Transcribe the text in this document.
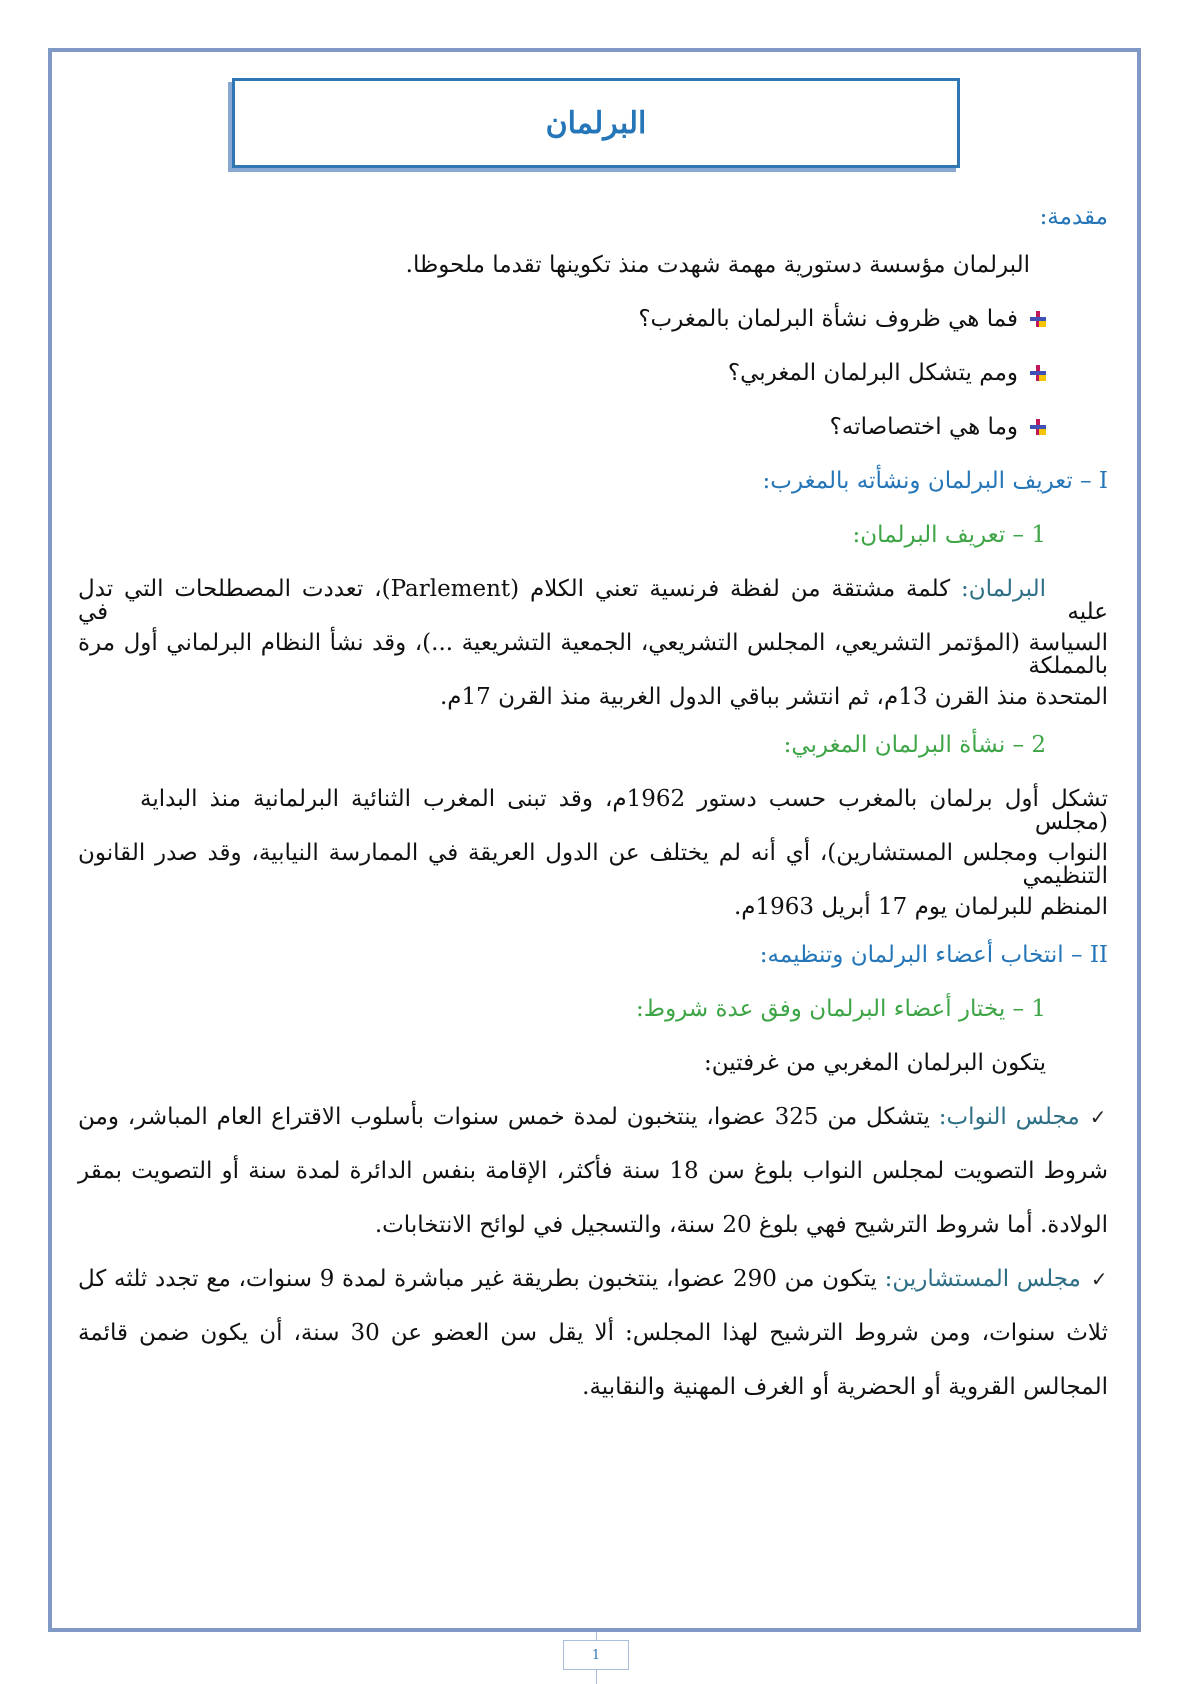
البرلمان
مقدمة:
البرلمان مؤسسة دستورية مهمة شهدت منذ تكوينها تقدما ملحوظا.
فما هي ظروف نشأة البرلمان بالمغرب؟
ومم يتشكل البرلمان المغربي؟
وما هي اختصاصاته؟
I – تعريف البرلمان ونشأته بالمغرب:
1 – تعريف البرلمان:
البرلمان: كلمة مشتقة من لفظة فرنسية تعني الكلام (Parlement)، تعددت المصطلحات التي تدل عليه في
السياسة (المؤتمر التشريعي، المجلس التشريعي، الجمعية التشريعية ...)، وقد نشأ النظام البرلماني أول مرة بالمملكة
المتحدة منذ القرن 13م، ثم انتشر بباقي الدول الغربية منذ القرن 17م.
2 – نشأة البرلمان المغربي:
تشكل أول برلمان بالمغرب حسب دستور 1962م، وقد تبنى المغرب الثنائية البرلمانية منذ البداية (مجلس
النواب ومجلس المستشارين)، أي أنه لم يختلف عن الدول العريقة في الممارسة النيابية، وقد صدر القانون التنظيمي
المنظم للبرلمان يوم 17 أبريل 1963م.
II – انتخاب أعضاء البرلمان وتنظيمه:
1 – يختار أعضاء البرلمان وفق عدة شروط:
يتكون البرلمان المغربي من غرفتين:
✓مجلس النواب: يتشكل من 325 عضوا، ينتخبون لمدة خمس سنوات بأسلوب الاقتراع العام المباشر، ومن
شروط التصويت لمجلس النواب بلوغ سن 18 سنة فأكثر، الإقامة بنفس الدائرة لمدة سنة أو التصويت بمقر
الولادة. أما شروط الترشيح فهي بلوغ 20 سنة، والتسجيل في لوائح الانتخابات.
✓مجلس المستشارين: يتكون من 290 عضوا، ينتخبون بطريقة غير مباشرة لمدة 9 سنوات، مع تجدد ثلثه كل
ثلاث سنوات، ومن شروط الترشيح لهذا المجلس: ألا يقل سن العضو عن 30 سنة، أن يكون ضمن قائمة
المجالس القروية أو الحضرية أو الغرف المهنية والنقابية.
1
